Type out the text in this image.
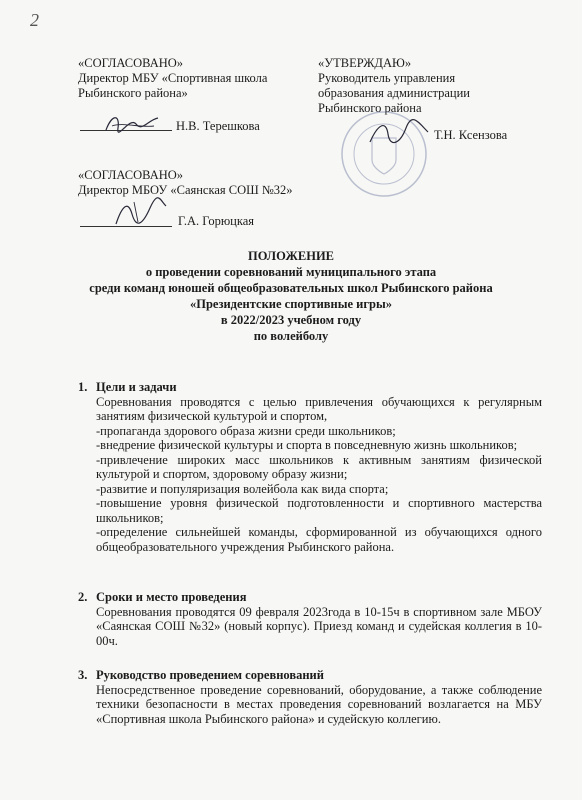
2
«СОГЛАСОВАНО»
Директор МБУ «Спортивная школа
Рыбинского района»
Н.В. Терешкова
«УТВЕРЖДАЮ»
Руководитель управления
образования администрации
Рыбинского района
Т.Н. Ксензова
«СОГЛАСОВАНО»
Директор МБОУ «Саянская СОШ №32»
Г.А. Горюцкая
ПОЛОЖЕНИЕ
о проведении соревнований муниципального этапа
среди команд юношей общеобразовательных школ Рыбинского района
«Президентские спортивные игры»
в 2022/2023 учебном году
по волейболу
1. Цели и задачи

Соревнования проводятся с целью привлечения обучающихся к регулярным занятиям физической культурой и спортом,

-пропаганда здорового образа жизни среди школьников;

-внедрение физической культуры и спорта в повседневную жизнь школьников;

-привлечение широких масс школьников к активным занятиям физической культурой и спортом, здоровому образу жизни;

-развитие и популяризация волейбола как вида спорта;

-повышение уровня физической подготовленности и спортивного мастерства школьников;

-определение сильнейшей команды, сформированной из обучающихся одного общеобразовательного учреждения Рыбинского района.

2. Сроки и место проведения

Соревнования проводятся 09 февраля 2023года в 10-15ч в спортивном зале МБОУ «Саянская СОШ №32» (новый корпус). Приезд команд и судейская коллегия в 10-00ч.

3. Руководство проведением соревнований

Непосредственное проведение соревнований, оборудование, а также соблюдение техники безопасности в местах проведения соревнований возлагается на МБУ «Спортивная школа Рыбинского района» и судейскую коллегию.
